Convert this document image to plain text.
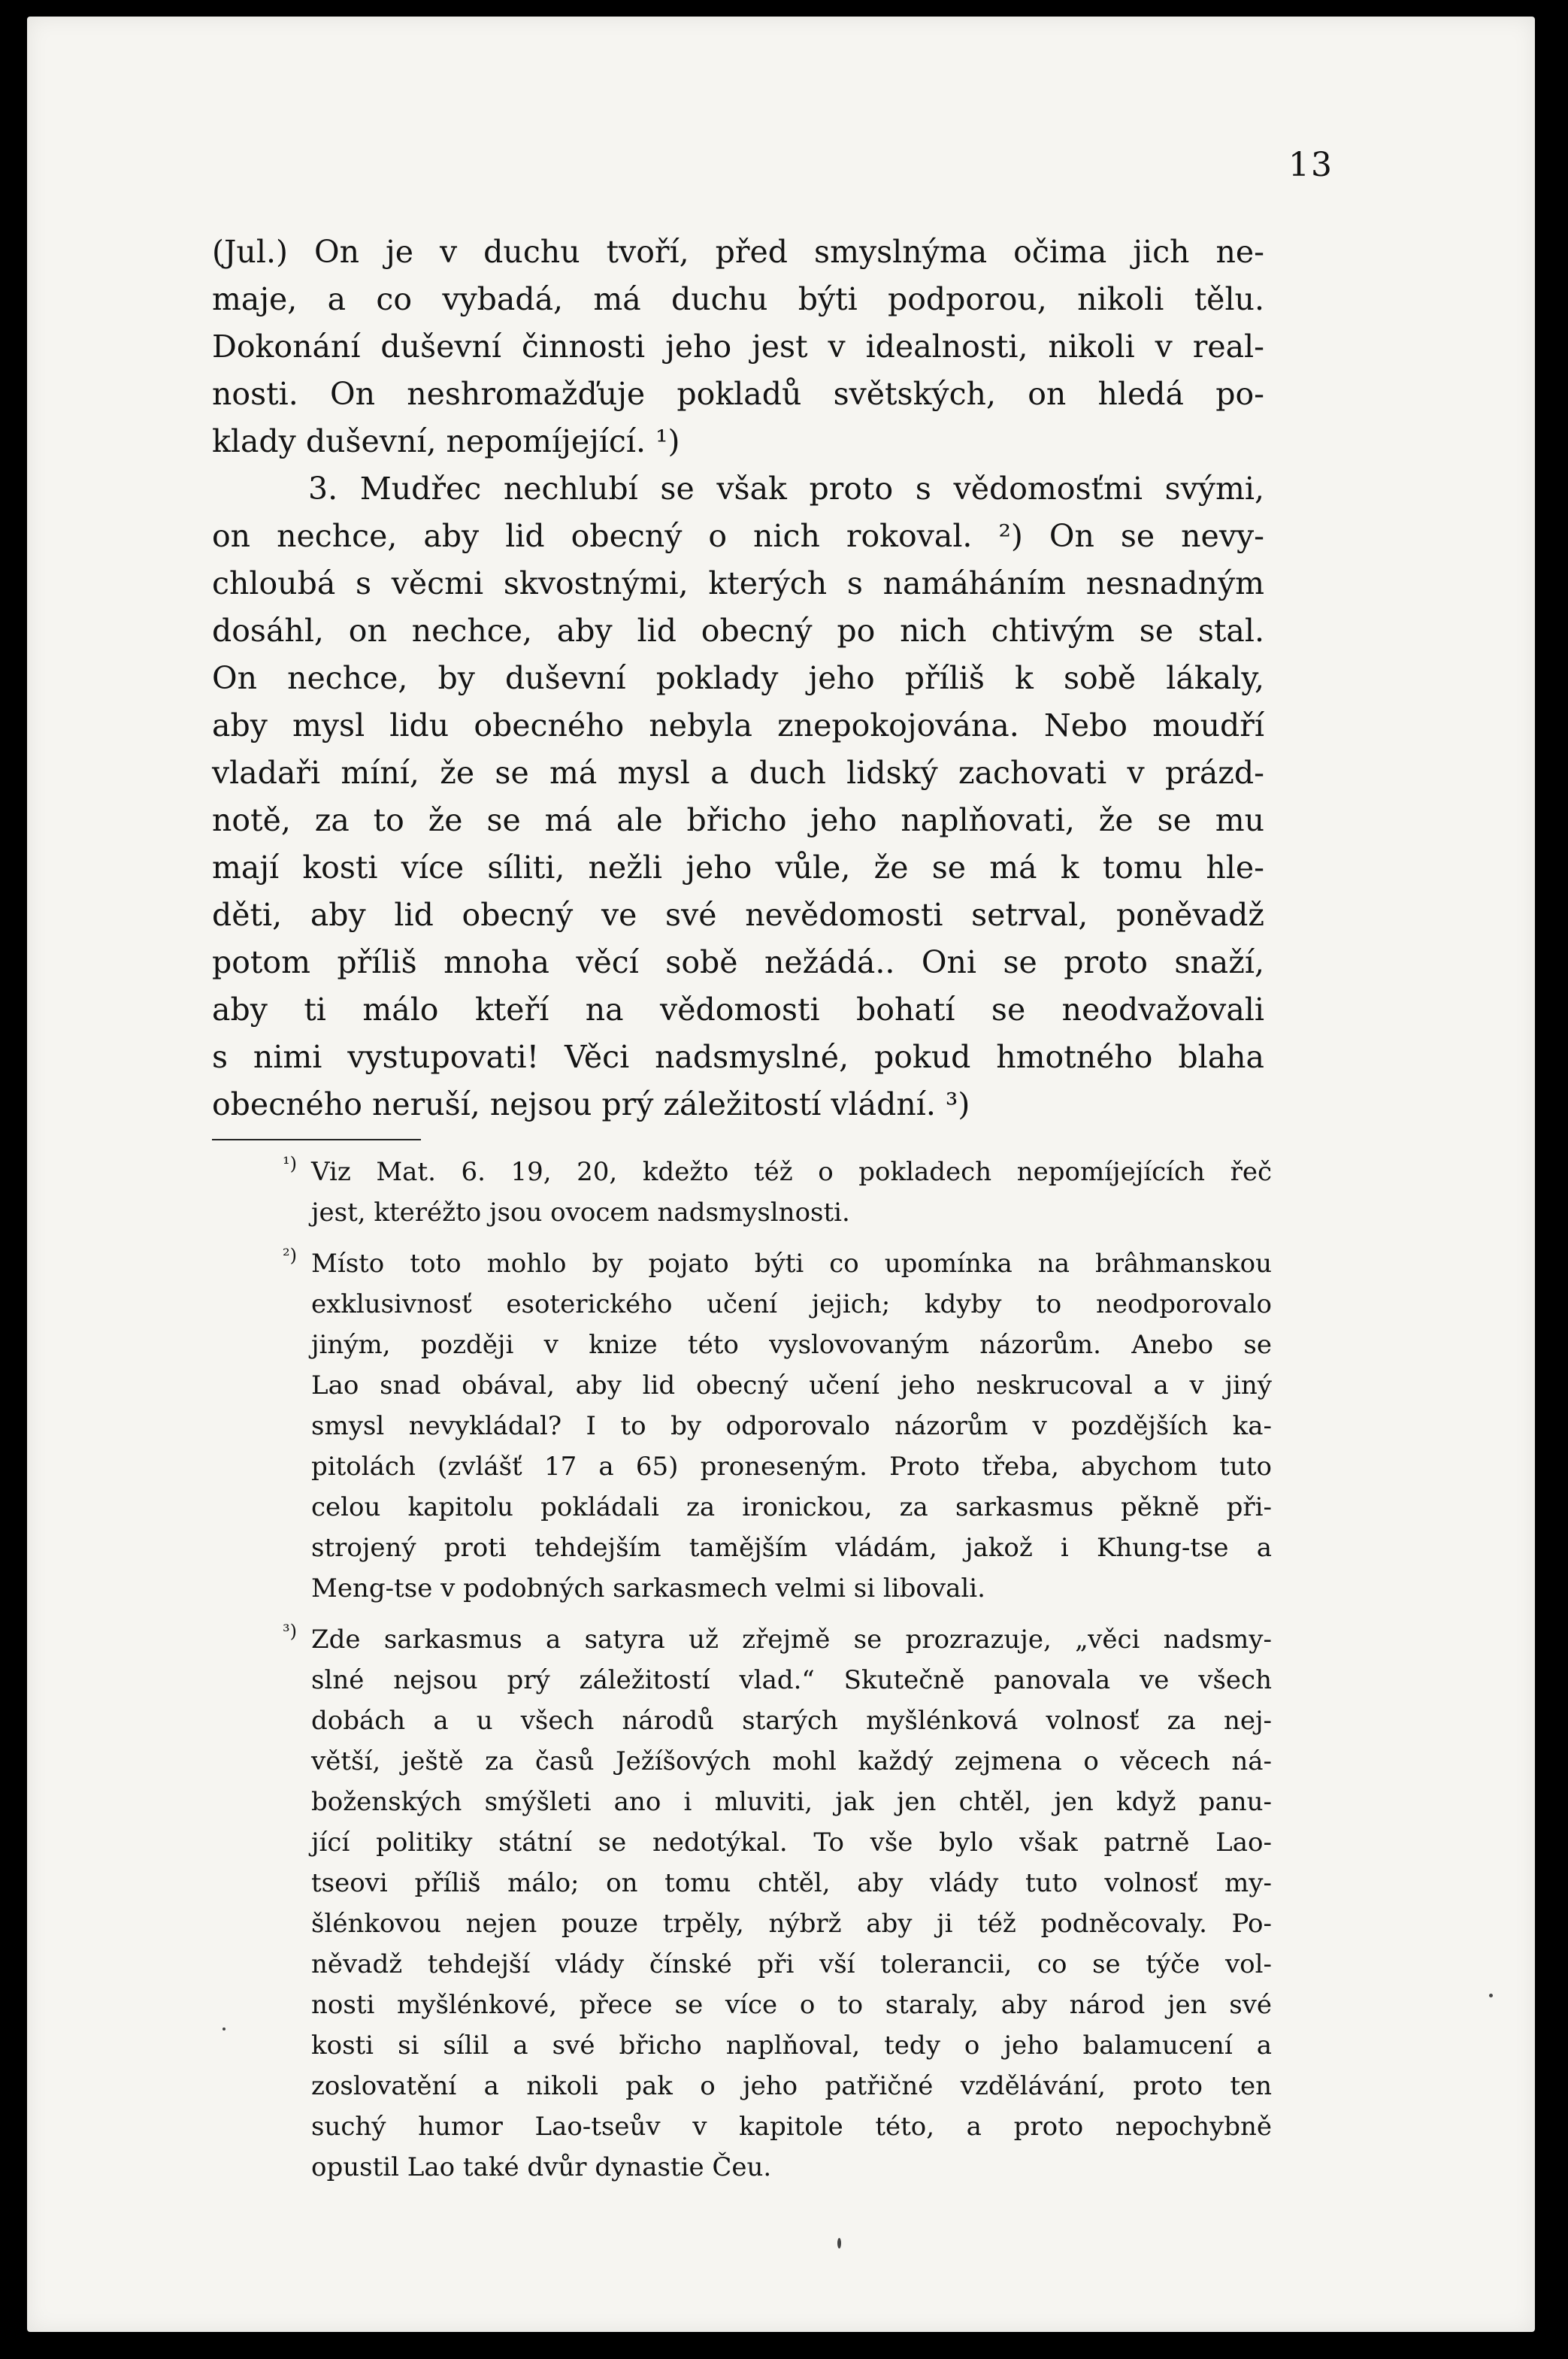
13
(Jul.) On je v duchu tvoří, před smyslnýma očima jich ne-
maje, a co vybadá, má duchu býti podporou, nikoli tělu.
Dokonání duševní činnosti jeho jest v idealnosti, nikoli v real-
nosti. On neshromažďuje pokladů světských, on hledá po-
klady duševní, nepomíjející. ¹)
3. Mudřec nechlubí se však proto s vědomosťmi svými,
on nechce, aby lid obecný o nich rokoval. ²) On se nevy-
chloubá s věcmi skvostnými, kterých s namáháním nesnadným
dosáhl, on nechce, aby lid obecný po nich chtivým se stal.
On nechce, by duševní poklady jeho příliš k sobě lákaly,
aby mysl lidu obecného nebyla znepokojována. Nebo moudří
vladaři míní, že se má mysl a duch lidský zachovati v prázd-
notě, za to že se má ale břicho jeho naplňovati, že se mu
mají kosti více síliti, nežli jeho vůle, že se má k tomu hle-
děti, aby lid obecný ve své nevědomosti setrval, poněvadž
potom příliš mnoha věcí sobě nežádá.. Oni se proto snaží,
aby ti málo kteří na vědomosti bohatí se neodvažovali
s nimi vystupovati! Věci nadsmyslné, pokud hmotného blaha
obecného neruší, nejsou prý záležitostí vládní. ³)
¹) Viz Mat. 6. 19, 20, kdežto též o pokladech nepomíjejících řeč
jest, kteréžto jsou ovocem nadsmyslnosti.
²) Místo toto mohlo by pojato býti co upomínka na brâhmanskou
exklusivnosť esoterického učení jejich; kdyby to neodporovalo
jiným, později v knize této vyslovovaným názorům. Anebo se
Lao snad obával, aby lid obecný učení jeho neskrucoval a v jiný
smysl nevykládal? I to by odporovalo názorům v pozdějších ka-
pitolách (zvlášť 17 a 65) proneseným. Proto třeba, abychom tuto
celou kapitolu pokládali za ironickou, za sarkasmus pěkně při-
strojený proti tehdejším tamějším vládám, jakož i Khung-tse a
Meng-tse v podobných sarkasmech velmi si libovali.
³) Zde sarkasmus a satyra už zřejmě se prozrazuje, „věci nadsmy-
slné nejsou prý záležitostí vlad.“ Skutečně panovala ve všech
dobách a u všech národů starých myšlénková volnosť za nej-
větší, ještě za časů Ježíšových mohl každý zejmena o věcech ná-
boženských smýšleti ano i mluviti, jak jen chtěl, jen když panu-
jící politiky státní se nedotýkal. To vše bylo však patrně Lao-
tseovi příliš málo; on tomu chtěl, aby vlády tuto volnosť my-
šlénkovou nejen pouze trpěly, nýbrž aby ji též podněcovaly. Po-
něvadž tehdejší vlády čínské při vší tolerancii, co se týče vol-
nosti myšlénkové, přece se více o to staraly, aby národ jen své
kosti si sílil a své břicho naplňoval, tedy o jeho balamucení a
zoslovatění a nikoli pak o jeho patřičné vzdělávání, proto ten
suchý humor Lao-tseův v kapitole této, a proto nepochybně
opustil Lao také dvůr dynastie Čeu.
